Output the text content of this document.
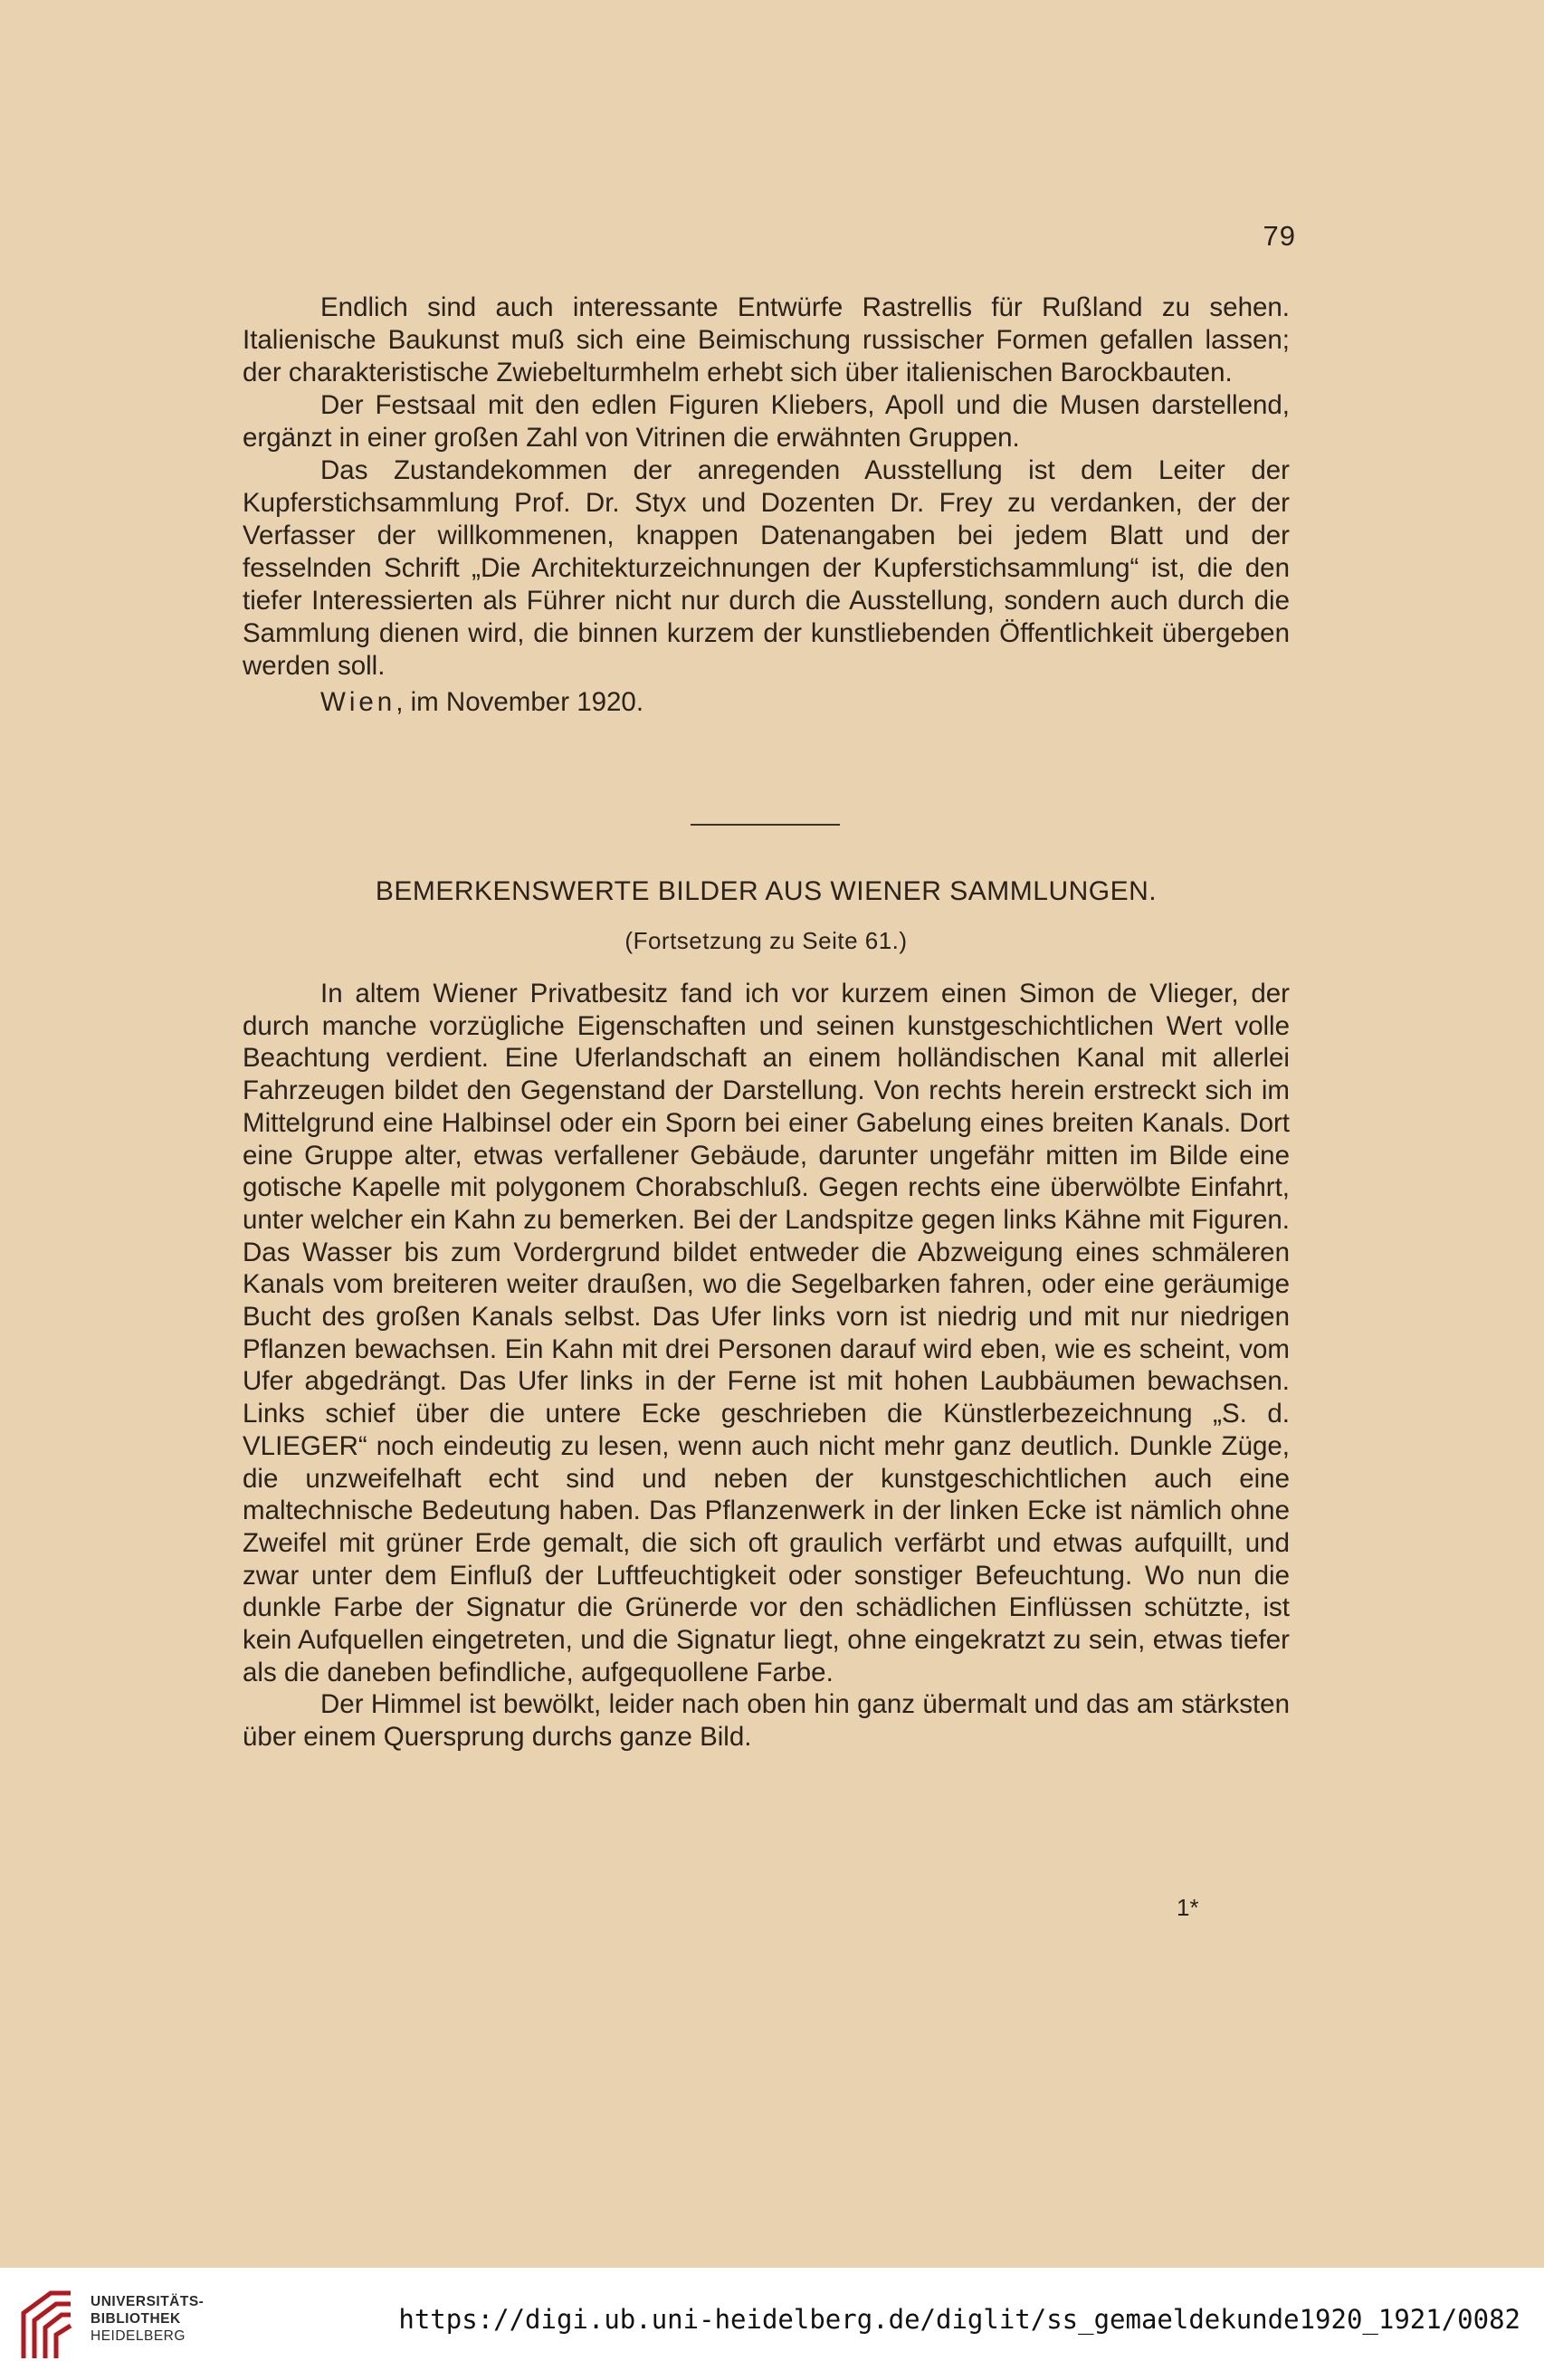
79

Endlich sind auch interessante Entwürfe Rastrellis für Rußland zu sehen. Italienische Baukunst muß sich eine Beimischung russischer Formen gefallen lassen; der charakteristische Zwiebelturmhelm erhebt sich über italienischen Barockbauten.

Der Festsaal mit den edlen Figuren Kliebers, Apoll und die Musen darstellend, ergänzt in einer großen Zahl von Vitrinen die erwähnten Gruppen.

Das Zustandekommen der anregenden Ausstellung ist dem Leiter der Kupferstichsammlung Prof. Dr. Styx und Dozenten Dr. Frey zu verdanken, der der Verfasser der willkommenen, knappen Datenangaben bei jedem Blatt und der fesselnden Schrift „Die Architekturzeichnungen der Kupferstichsammlung“ ist, die den tiefer Interessierten als Führer nicht nur durch die Ausstellung, sondern auch durch die Sammlung dienen wird, die binnen kurzem der kunstliebenden Öffentlichkeit übergeben werden soll.

Wien, im November 1920.

BEMERKENSWERTE BILDER AUS WIENER SAMMLUNGEN.
(Fortsetzung zu Seite 61.)

In altem Wiener Privatbesitz fand ich vor kurzem einen Simon de Vlieger, der durch manche vorzügliche Eigenschaften und seinen kunstgeschichtlichen Wert volle Beachtung verdient. Eine Uferlandschaft an einem holländischen Kanal mit allerlei Fahrzeugen bildet den Gegenstand der Darstellung. Von rechts herein erstreckt sich im Mittelgrund eine Halbinsel oder ein Sporn bei einer Gabelung eines breiten Kanals. Dort eine Gruppe alter, etwas verfallener Gebäude, darunter ungefähr mitten im Bilde eine gotische Kapelle mit polygonem Chorabschluß. Gegen rechts eine überwölbte Einfahrt, unter welcher ein Kahn zu bemerken. Bei der Landspitze gegen links Kähne mit Figuren. Das Wasser bis zum Vordergrund bildet entweder die Abzweigung eines schmäleren Kanals vom breiteren weiter draußen, wo die Segelbarken fahren, oder eine geräumige Bucht des großen Kanals selbst. Das Ufer links vorn ist niedrig und mit nur niedrigen Pflanzen bewachsen. Ein Kahn mit drei Personen darauf wird eben, wie es scheint, vom Ufer abgedrängt. Das Ufer links in der Ferne ist mit hohen Laubbäumen bewachsen. Links schief über die untere Ecke geschrieben die Künstlerbezeichnung „S. d. VLIEGER“ noch eindeutig zu lesen, wenn auch nicht mehr ganz deutlich. Dunkle Züge, die unzweifelhaft echt sind und neben der kunstgeschichtlichen auch eine maltechnische Bedeutung haben. Das Pflanzenwerk in der linken Ecke ist nämlich ohne Zweifel mit grüner Erde gemalt, die sich oft graulich verfärbt und etwas aufquillt, und zwar unter dem Einfluß der Luftfeuchtigkeit oder sonstiger Befeuchtung. Wo nun die dunkle Farbe der Signatur die Grünerde vor den schädlichen Einflüssen schützte, ist kein Aufquellen eingetreten, und die Signatur liegt, ohne eingekratzt zu sein, etwas tiefer als die daneben befindliche, aufgequollene Farbe.

Der Himmel ist bewölkt, leider nach oben hin ganz übermalt und das am stärksten über einem Quersprung durchs ganze Bild.

1*
UNIVERSITÄTS-
BIBLIOTHEK
HEIDELBERG
https://digi.ub.uni-heidelberg.de/diglit/ss_gemaeldekunde1920_1921/0082
